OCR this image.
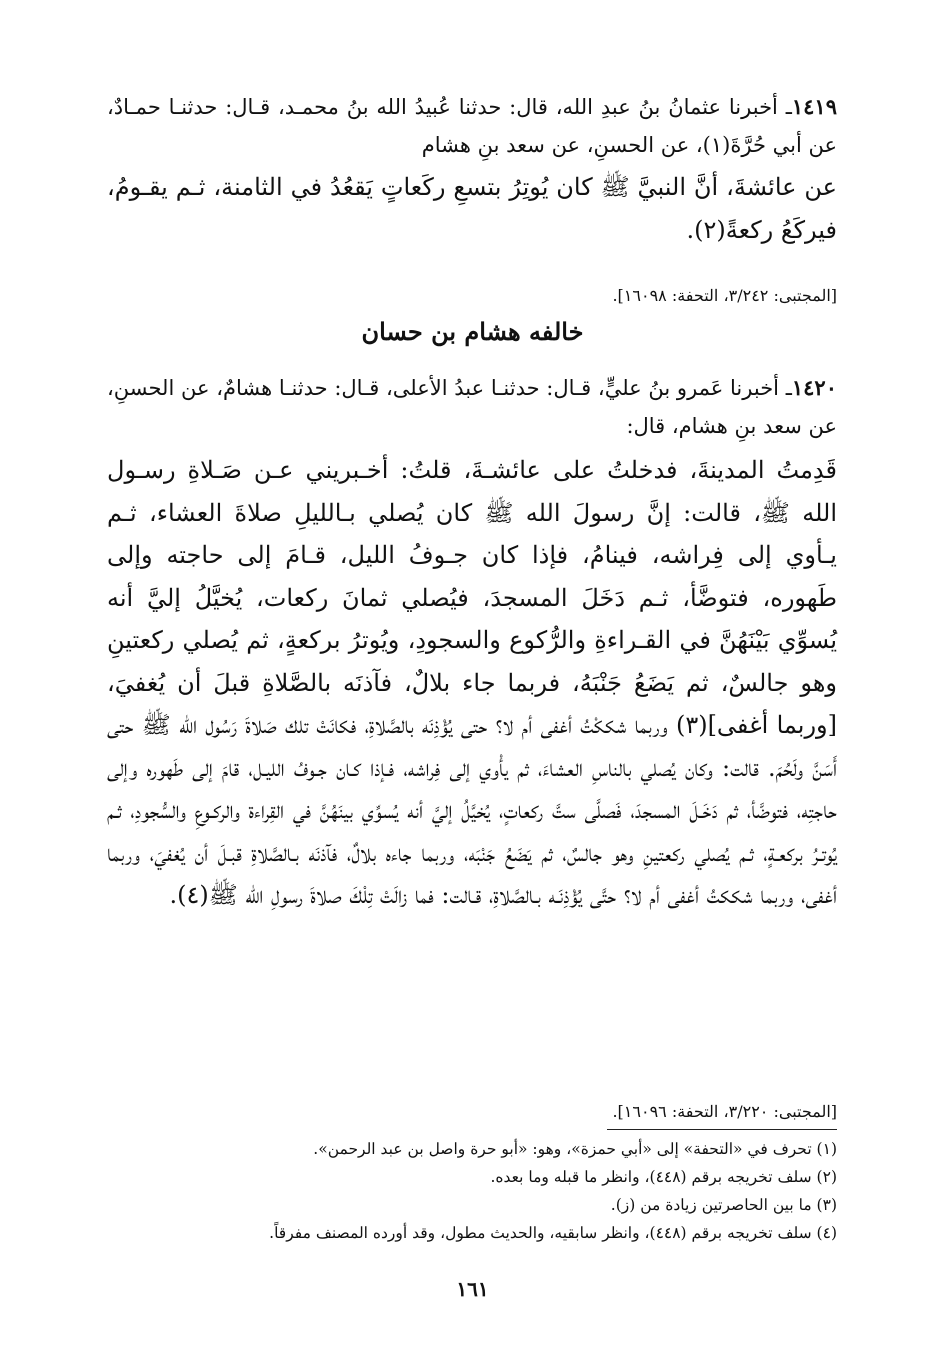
١٤١٩ـ أخبرنا عثمانُ بنُ عبدِ الله، قال: حدثنا عُبيدُ الله بنُ محمـد، قـال: حدثنـا حمـادٌ، عن أبي حُرَّةَ(١)، عن الحسنِ، عن سعد بنِ هشام
عن عائشةَ، أنَّ النبيَّ ﷺ كان يُوتِرُ بتسعِ ركَعاتٍ يَقعُدُ في الثامنة، ثـم يقـومُ، فيركَعُ ركعةً(٢).
[المجتبى: ٣/٢٤٢، التحفة: ١٦٠٩٨].
خالفه هشام بن حسان
١٤٢٠ـ أخبرنا عَمرو بنُ عليٍّ، قـال: حدثنـا عبدُ الأعلى، قـال: حدثنـا هشامٌ، عن الحسنِ، عن سعد بنِ هشام، قال:
قَدِمتُ المدينةَ، فدخلتُ على عائشـةَ، قلتُ: أخـبريني عـن صَـلاةِ رسـول الله ﷺ، قالت: إنَّ رسولَ الله ﷺ كان يُصلي بـالليلِ صلاةَ العشاء، ثـم يـأوي إلى فِراشه، فينامُ، فإذا كان جـوفُ الليل، قـامَ إلى حاجته وإلى طَهوره، فتوضَّأ، ثـم دَخَلَ المسجدَ، فيُصلي ثمانَ ركعات، يُخيَّلُ إليَّ أنه يُسوِّي بَيْنَهُنَّ في القـراءةِ والرُّكوع والسجودِ، ويُوترُ بركعةٍ، ثم يُصلي ركعتينِ وهو جالسٌ، ثم يَضَعُ جَنْبَهُ، فربما جاء بلالٌ، فآذنَه بالصَّلاةِ قبلَ أن يُغفيَ، [وربما أغفى](٣) وربما شككْتُ أغفى أم لا؟ حتى يُؤْذِنَه بالصَّلاةِ، فكانَتْ تلك صَلاةَ رَسُول الله ﷺ حتى أَسَنَّ ولَحُمَ. قالت: وكان يُصلي بالناسِ العشاءَ، ثم يأْوي إلى فِراشه، فـإذا كـان جـوفُ الليـل، قامَ إلى طَهوره وإلى حاجتِه، فتوضَّأ، ثم دَخَـلَ المسجدَ، فَصلَّى ستَّ ركعاتٍ، يُخيَّلُ إليَّ أنه يُسوِّي بينَهُنَّ في القِراءة والركـوعِ والسُّجودِ، ثـم يُوتـرُ بركعـةٍ، ثـم يُصلي ركعتينِ وهو جالسٌ، ثم يَضَعُ جَنْبَه، وربما جاءه بلالٌ، فآذنَه بـالصَّلاةِ قبـلَ أن يُغفيَ، وربما أغفى، وربما شككتُ أغفى أم لا؟ حتَّى يُؤْذِنَـه بـالصَّلاةِ، قـالت: فما زالَتْ تِلْكَ صلاةَ رسولِ الله ﷺ(٤).
[المجتبى: ٣/٢٢٠، التحفة: ١٦٠٩٦].
(١) تحرف في «التحفة» إلى «أبي حمزة»، وهو: «أبو حرة واصل بن عبد الرحمن».
(٢) سلف تخريجه برقم (٤٤٨)، وانظر ما قبله وما بعده.
(٣) ما بين الحاصرتين زيادة من (ز).
(٤) سلف تخريجه برقم (٤٤٨)، وانظر سابقيه، والحديث مطول، وقد أورده المصنف مفرقاً.
١٦١
